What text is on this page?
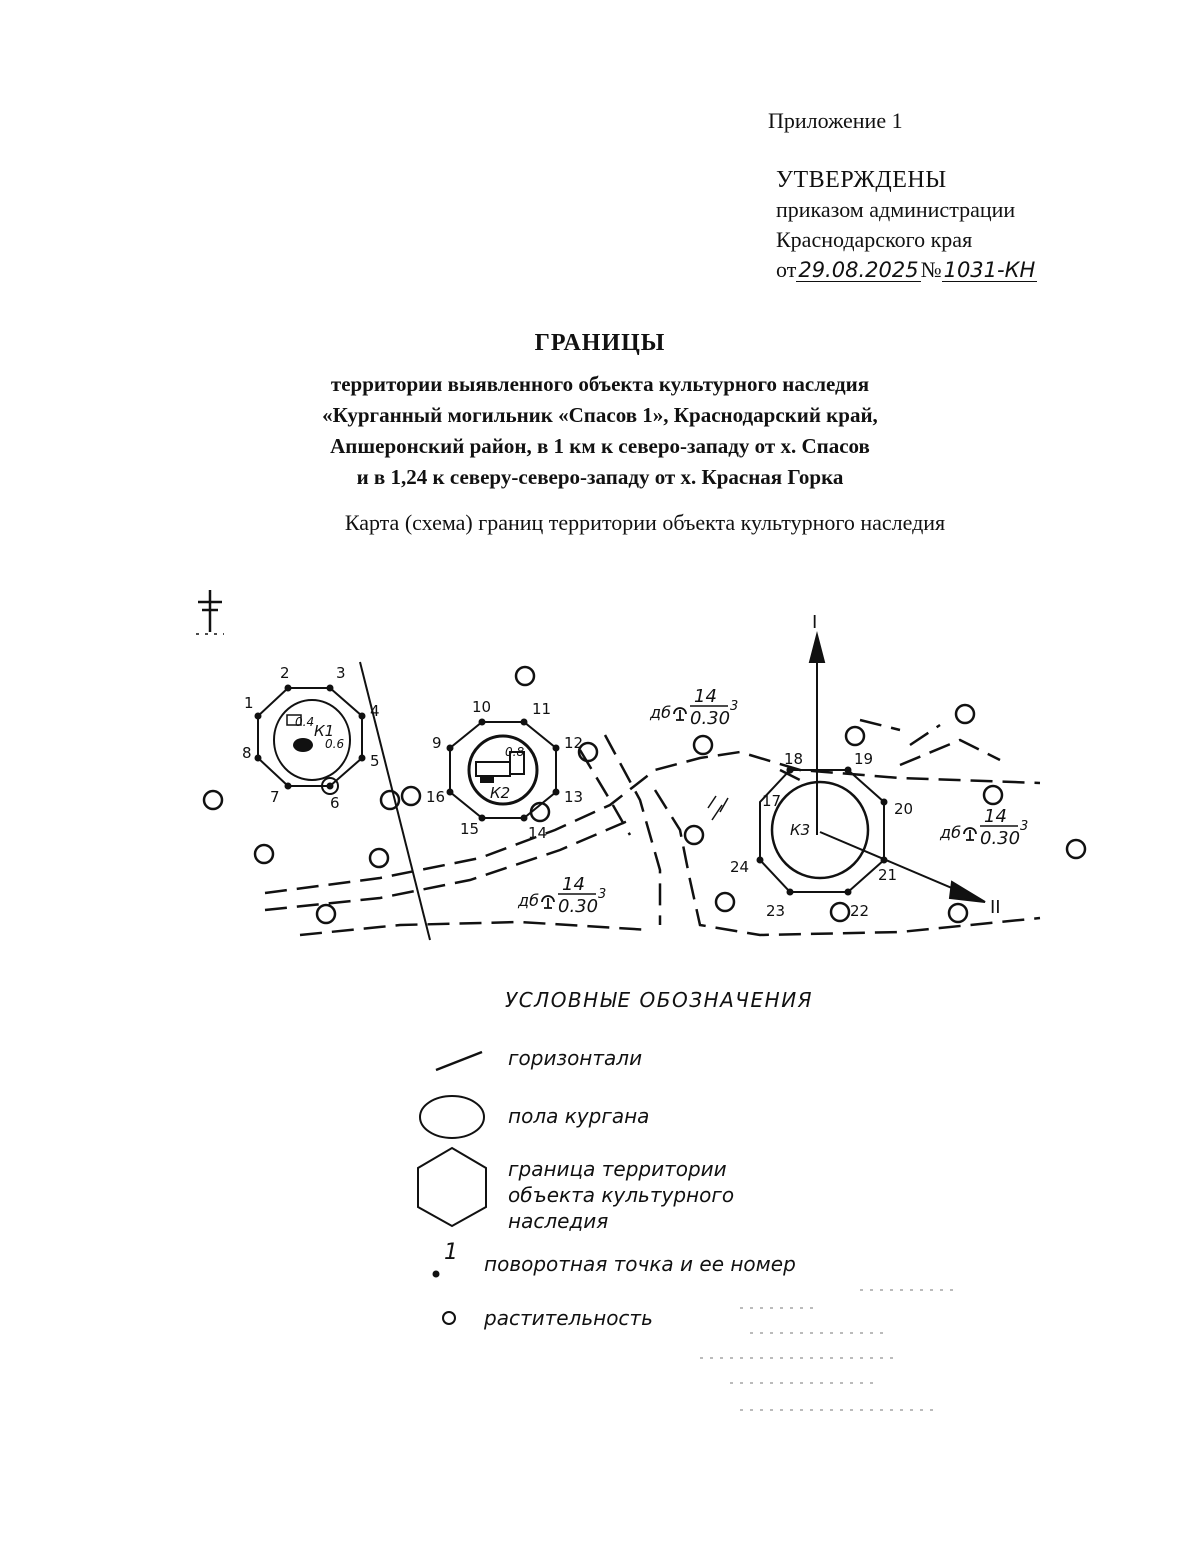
Приложение 1
УТВЕРЖДЕНЫ
приказом администрации
Краснодарского края
от29.08.2025№1031-КН
ГРАНИЦЫ
территории выявленного объекта культурного наследия
«Курганный могильник «Спасов 1», Краснодарский край,
Апшеронский район, в 1 км к северо-западу от х. Спасов
и в 1,24 к северу-северо-западу от х. Красная Горка
Карта (схема) границ территории объекта культурного наследия
1
2	3
4
5
6
7
8
9
10	11
12
13
14
15
16	17
18	19
20
21
22
23
24
К1
К2
К3
0.4
0.6
0.8
I
II
дб
14
0.30
3
дб
14
0.30
3
дб
14
0.30
3
УСЛОВНЫЕ ОБОЗНАЧЕНИЯ
горизонтали
пола кургана
граница территории
объекта культурного
наследия
1 поворотная точка и ее номер
растительность
